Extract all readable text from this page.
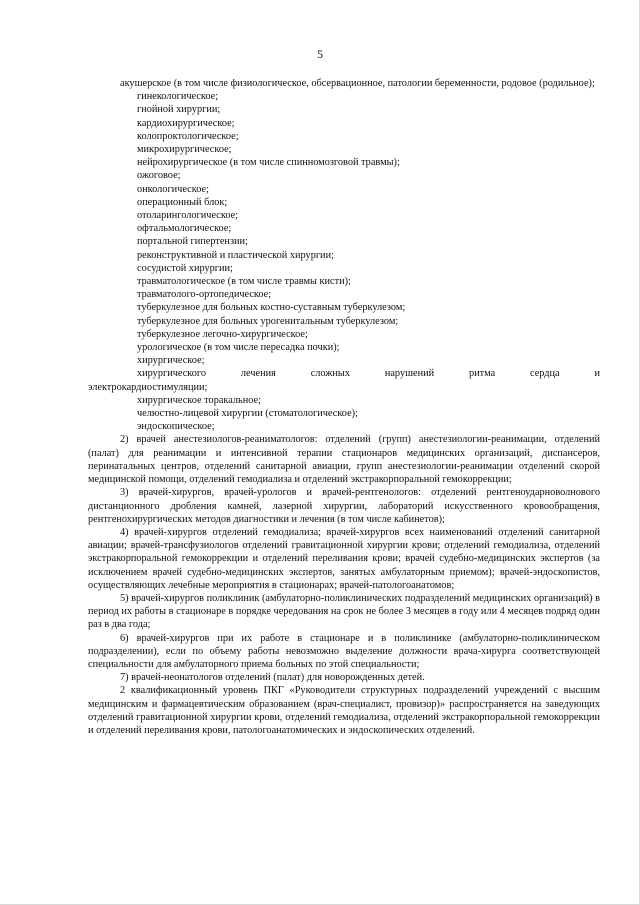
5

акушерское (в том числе физиологическое, обсервационное, патологии беременности, родовое (родильное);

гинекологическое;

гнойной хирургии;

кардиохирургическое;

колопроктологическое;

микрохирургическое;

нейрохирургическое (в том числе спинномозговой травмы);

ожоговое;

онкологическое;

операционный блок;

отоларингологическое;

офтальмологическое;

портальной гипертензии;

реконструктивной и пластической хирургии;

сосудистой хирургии;

травматологическое (в том числе травмы кисти);

травматолого-ортопедическое;

туберкулезное для больных костно-суставным туберкулезом;

туберкулезное для больных урогенитальным туберкулезом;

туберкулезное легочно-хирургическое;

урологическое (в том числе пересадка почки);

хирургическое;

хирургического лечения сложных нарушений ритма сердца и

электрокардиостимуляции;

хирургическое торакальное;

челюстно-лицевой хирургии (стоматологическое);

эндоскопическое;

2) врачей анестезиологов-реаниматологов: отделений (групп) анестезиологии-реанимации, отделений (палат) для реанимации и интенсивной терапии стационаров медицинских организаций, диспансеров, перинатальных центров, отделений санитарной авиации, групп анестезиологии-реанимации отделений скорой медицинской помощи, отделений гемодиализа и отделений экстракорпоральной гемокоррекции;

3) врачей-хирургов, врачей-урологов и врачей-рентгенологов: отделений рентгеноударноволнового дистанционного дробления камней, лазерной хирургии, лабораторий искусственного кровообращения, рентгенохирургических методов диагностики и лечения (в том числе кабинетов);

4) врачей-хирургов отделений гемодиализа; врачей-хирургов всех наименований отделений санитарной авиации; врачей-трансфузиологов отделений гравитационной хирургии крови; отделений гемодиализа, отделений экстракорпоральной гемокоррекции и отделений переливания крови; врачей судебно-медицинских экспертов (за исключением врачей судебно-медицинских экспертов, занятых амбулаторным приемом); врачей-эндоскопистов, осуществляющих лечебные мероприятия в стационарах; врачей-патологоанатомов;

5) врачей-хирургов поликлиник (амбулаторно-поликлинических подразделений медицинских организаций) в период их работы в стационаре в порядке чередования на срок не более 3 месяцев в году или 4 месяцев подряд один раз в два года;

6) врачей-хирургов при их работе в стационаре и в поликлинике (амбулаторно-поликлиническом подразделении), если по объему работы невозможно выделение должности врача-хирурга соответствующей специальности для амбулаторного приема больных по этой специальности;

7) врачей-неонатологов отделений (палат) для новорожденных детей.

2 квалификационный уровень ПКГ «Руководители структурных подразделений учреждений с высшим медицинским и фармацевтическим образованием (врач-специалист, провизор)» распространяется на заведующих отделений гравитационной хирургии крови, отделений гемодиализа, отделений экстракорпоральной гемокоррекции и отделений переливания крови, патологоанатомических и эндоскопических отделений.
